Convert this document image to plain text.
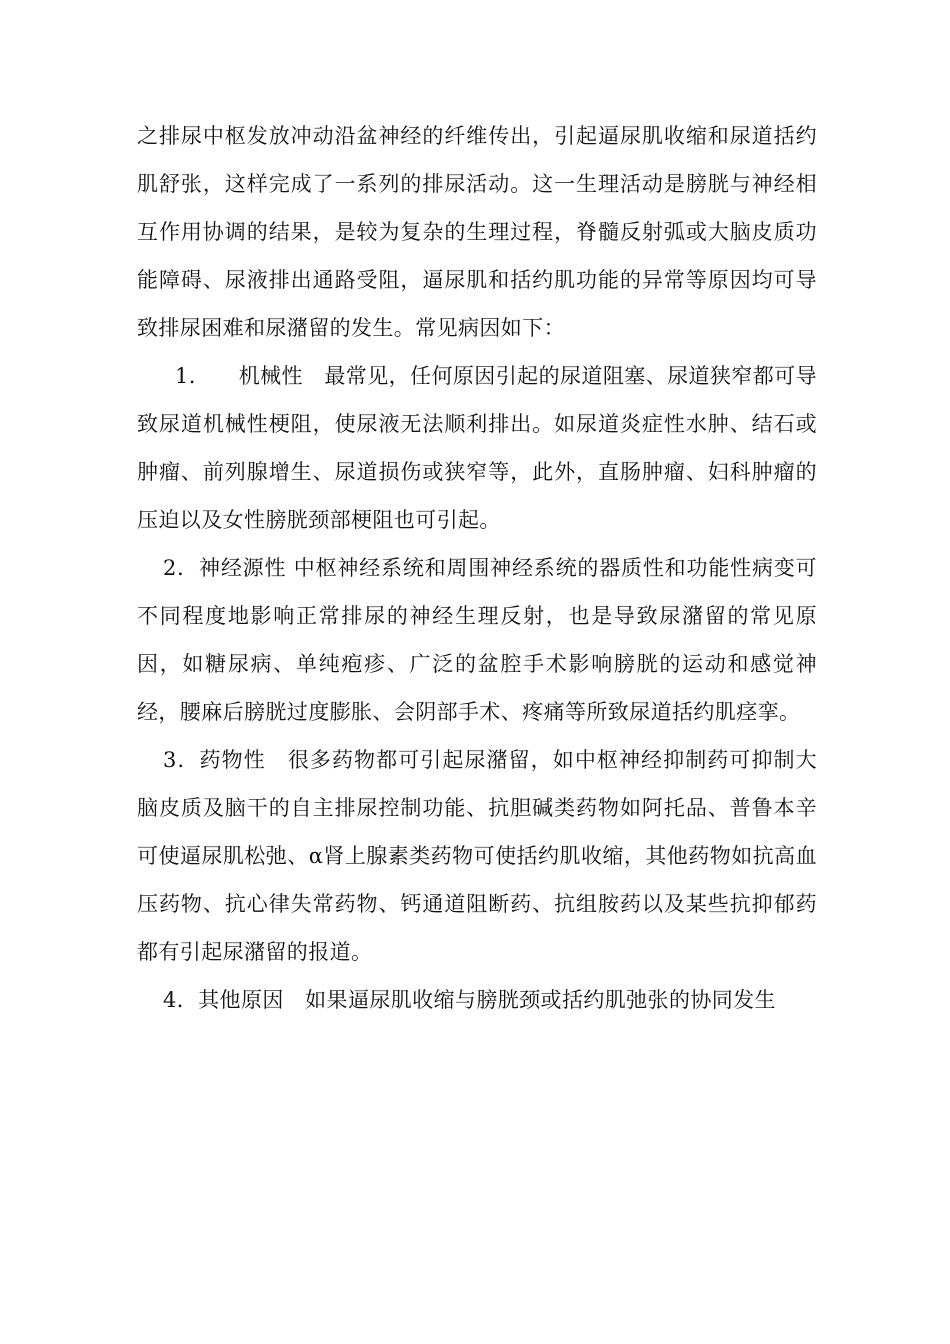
之排尿中枢发放冲动沿盆神经的纤维传出，引起逼尿肌收缩和尿道括约肌舒张，这样完成了一系列的排尿活动。这一生理活动是膀胱与神经相互作用协调的结果，是较为复杂的生理过程，脊髓反射弧或大脑皮质功能障碍、尿液排出通路受阻，逼尿肌和括约肌功能的异常等原因均可导致排尿困难和尿潴留的发生。常见病因如下：

1.　　机械性　最常见，任何原因引起的尿道阻塞、尿道狭窄都可导致尿道机械性梗阻，使尿液无法顺利排出。如尿道炎症性水肿、结石或肿瘤、前列腺增生、尿道损伤或狭窄等，此外，直肠肿瘤、妇科肿瘤的压迫以及女性膀胱颈部梗阻也可引起。

2．神经源性 中枢神经系统和周围神经系统的器质性和功能性病变可不同程度地影响正常排尿的神经生理反射，也是导致尿潴留的常见原因，如糖尿病、单纯疱疹、广泛的盆腔手术影响膀胱的运动和感觉神经，腰麻后膀胱过度膨胀、会阴部手术、疼痛等所致尿道括约肌痉挛。

3．药物性　很多药物都可引起尿潴留，如中枢神经抑制药可抑制大脑皮质及脑干的自主排尿控制功能、抗胆碱类药物如阿托品、普鲁本辛可使逼尿肌松弛、α肾上腺素类药物可使括约肌收缩，其他药物如抗高血压药物、抗心律失常药物、钙通道阻断药、抗组胺药以及某些抗抑郁药都有引起尿潴留的报道。

4．其他原因　如果逼尿肌收缩与膀胱颈或括约肌弛张的协同发生
